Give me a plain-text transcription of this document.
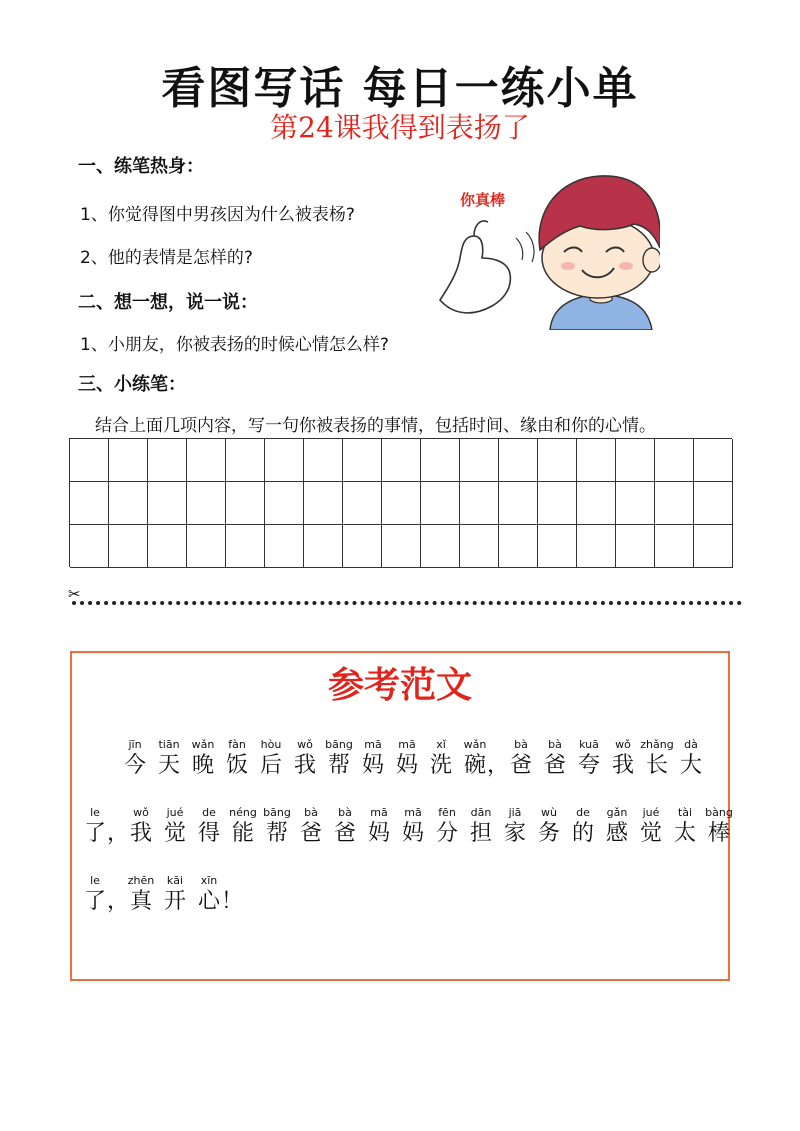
看图写话 每日一练小单
第24课我得到表扬了
一、练笔热身：
1、你觉得图中男孩因为什么被表杨?
2、他的表情是怎样的?
二、想一想，说一说：
1、小朋友，你被表扬的时候心情怎么样?
三、小练笔：
结合上面几项内容，写一句你被表扬的事情，包括时间、缘由和你的心情。
你真棒
✂
参考范文
jīn
今
tiān
天
wǎn
晚
fàn
饭
hòu
后
wǒ
我
bāng
帮
mā
妈
mā
妈
xǐ
洗
wǎn
碗 ，
bà
爸
bà
爸
kuā
夸
wǒ
我
zhǎng
长
dà
大
le
了 ，
wǒ
我
jué
觉
de
得
néng
能
bāng
帮
bà
爸
bà
爸
mā
妈
mā
妈
fēn
分
dān
担
jiā
家
wù
务
de
的
gǎn
感
jué
觉
tài
太
bàng
棒
le
了 ，
zhēn
真
kāi
开
xīn
心 ！
